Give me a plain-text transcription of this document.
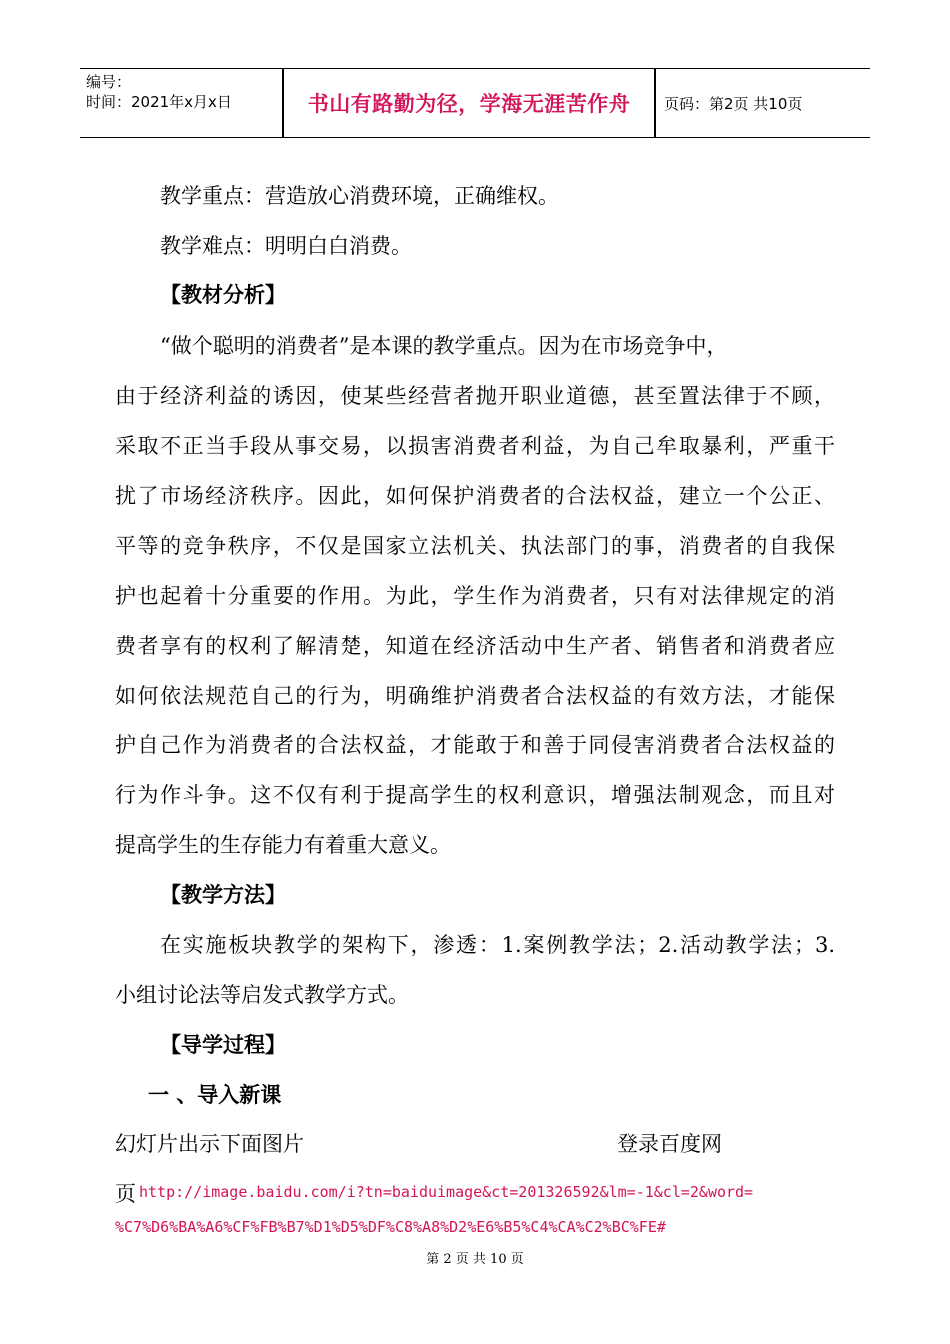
编号：
时间：2021年x月x日	书山有路勤为径，学海无涯苦作舟	页码：第2页 共10页
教学重点：营造放心消费环境，正确维权。
教学难点：明明白白消费。
【教材分析】
“做个聪明的消费者”是本课的教学重点。因为在市场竞争中，
由于经济利益的诱因，使某些经营者抛开职业道德，甚至置法律于不顾，
采取不正当手段从事交易，以损害消费者利益，为自己牟取暴利，严重干
扰了市场经济秩序。因此，如何保护消费者的合法权益，建立一个公正、
平等的竞争秩序，不仅是国家立法机关、执法部门的事，消费者的自我保
护也起着十分重要的作用。为此，学生作为消费者，只有对法律规定的消
费者享有的权利了解清楚，知道在经济活动中生产者、销售者和消费者应
如何依法规范自己的行为，明确维护消费者合法权益的有效方法，才能保
护自己作为消费者的合法权益，才能敢于和善于同侵害消费者合法权益的
行为作斗争。这不仅有利于提高学生的权利意识，增强法制观念，而且对
提高学生的生存能力有着重大意义。
【教学方法】
在实施板块教学的架构下，渗透：1.案例教学法；2.活动教学法；3.
小组讨论法等启发式教学方式。
【导学过程】
一 、导入新课
幻灯片出示下面图片	登录百度网
页 http://image.baidu.com/i?tn=baiduimage&ct=201326592&lm=-1&cl=2&word=
%C7%D6%BA%A6%CF%FB%B7%D1%D5%DF%C8%A8%D2%E6%B5%C4%CA%C2%BC%FE#
第 2 页 共 10 页
